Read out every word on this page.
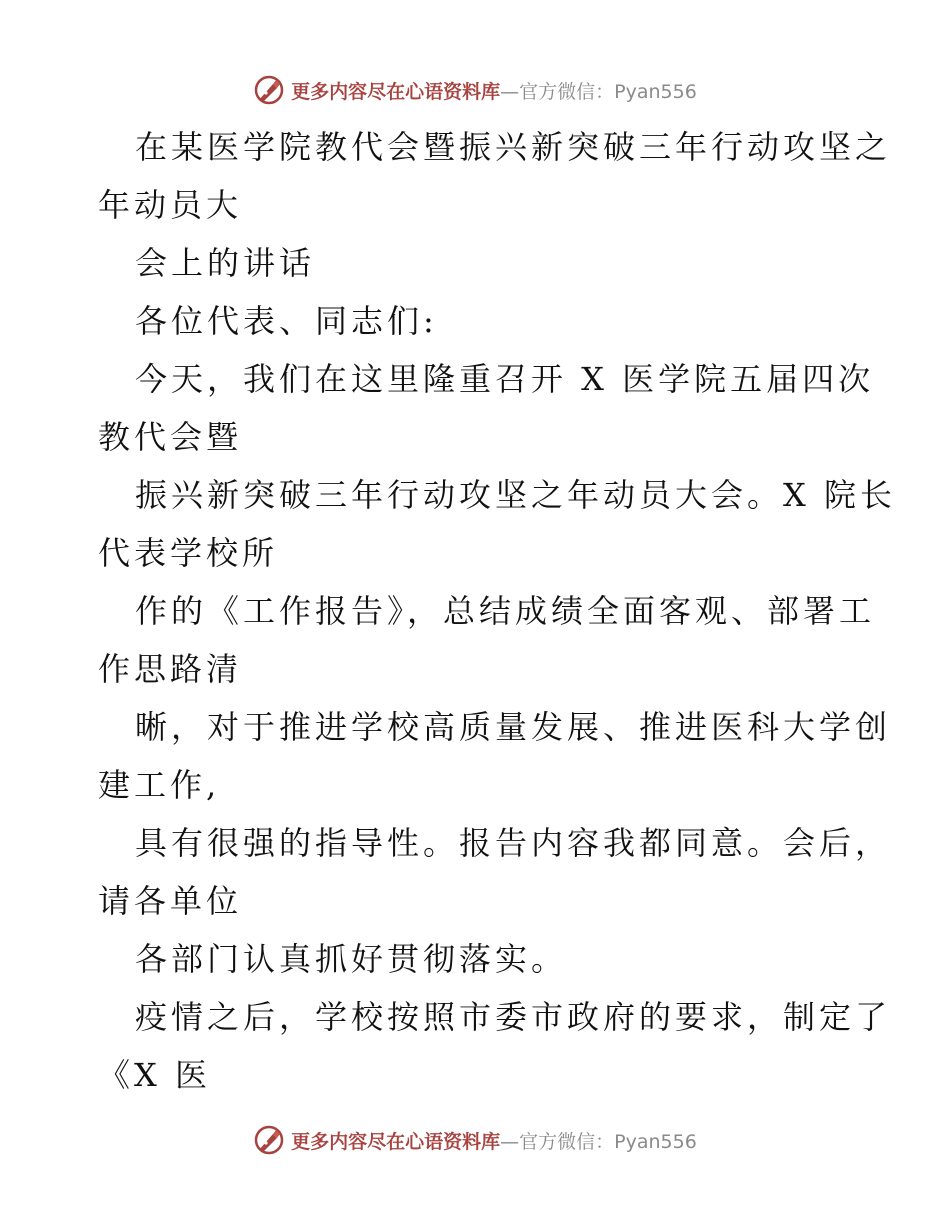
更多内容尽在心语资料库—官方微信：Pyan556
在某医学院教代会暨振兴新突破三年行动攻坚之
年动员大
会上的讲话
各位代表、同志们:
今天，我们在这里隆重召开 X 医学院五届四次
教代会暨
振兴新突破三年行动攻坚之年动员大会。X 院长
代表学校所
作的《工作报告》，总结成绩全面客观、部署工
作思路清
晰，对于推进学校高质量发展、推进医科大学创
建工作,
具有很强的指导性。报告内容我都同意。会后，
请各单位
各部门认真抓好贯彻落实。
疫情之后，学校按照市委市政府的要求，制定了
《X 医
更多内容尽在心语资料库—官方微信：Pyan556
